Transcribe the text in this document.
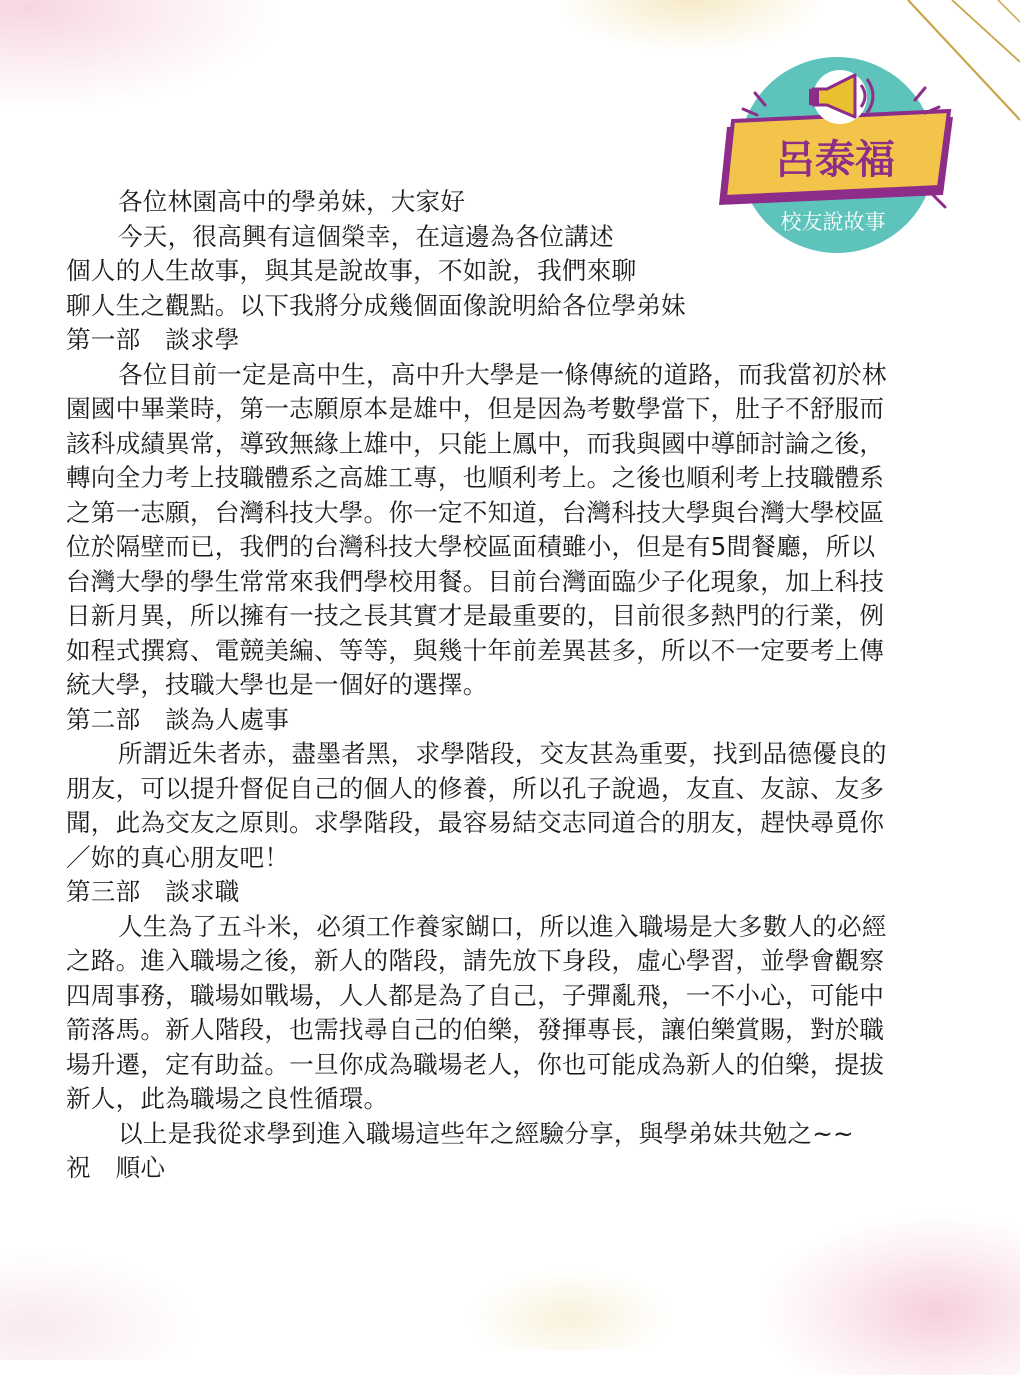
呂泰福
校友說故事

各位林園高中的學弟妹，大家好

今天，很高興有這個榮幸，在這邊為各位講述

個人的人生故事，與其是說故事，不如說，我們來聊

聊人生之觀點。以下我將分成幾個面像說明給各位學弟妹

第一部　談求學

各位目前一定是高中生，高中升大學是一條傳統的道路，而我當初於林

園國中畢業時，第一志願原本是雄中，但是因為考數學當下，肚子不舒服而

該科成績異常，導致無緣上雄中，只能上鳳中，而我與國中導師討論之後，

轉向全力考上技職體系之高雄工專，也順利考上。之後也順利考上技職體系

之第一志願，台灣科技大學。你一定不知道，台灣科技大學與台灣大學校區

位於隔壁而已，我們的台灣科技大學校區面積雖小，但是有5間餐廳，所以

台灣大學的學生常常來我們學校用餐。目前台灣面臨少子化現象，加上科技

日新月異，所以擁有一技之長其實才是最重要的，目前很多熱門的行業，例

如程式撰寫、電競美編、等等，與幾十年前差異甚多，所以不一定要考上傳

統大學，技職大學也是一個好的選擇。

第二部　談為人處事

所謂近朱者赤，盡墨者黑，求學階段，交友甚為重要，找到品德優良的

朋友，可以提升督促自己的個人的修養，所以孔子說過，友直、友諒、友多

聞，此為交友之原則。求學階段，最容易結交志同道合的朋友，趕快尋覓你

／妳的真心朋友吧！

第三部　談求職

人生為了五斗米，必須工作養家餬口，所以進入職場是大多數人的必經

之路。進入職場之後，新人的階段，請先放下身段，虛心學習，並學會觀察

四周事務，職場如戰場，人人都是為了自己，子彈亂飛，一不小心，可能中

箭落馬。新人階段，也需找尋自己的伯樂，發揮專長，讓伯樂賞賜，對於職

場升遷，定有助益。一旦你成為職場老人，你也可能成為新人的伯樂，提拔

新人，此為職場之良性循環。

以上是我從求學到進入職場這些年之經驗分享，與學弟妹共勉之~~

祝　順心
